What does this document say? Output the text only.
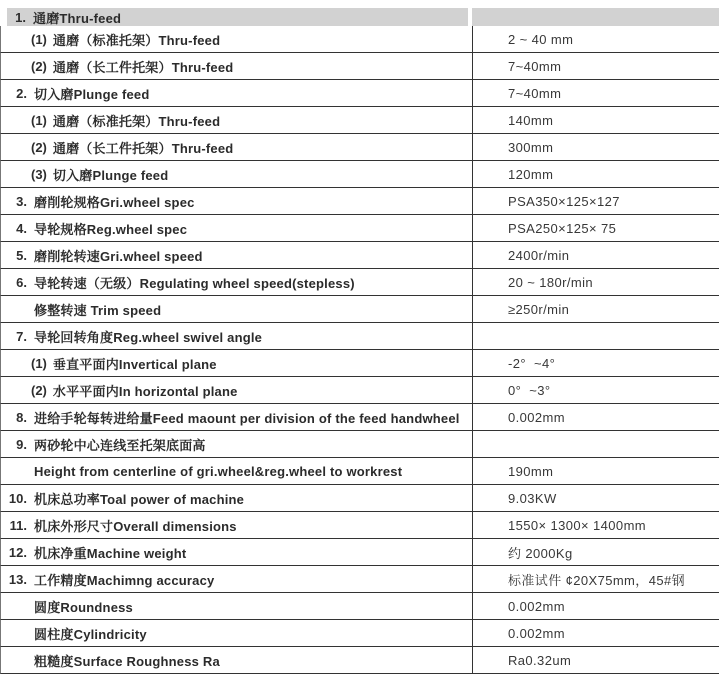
1. 通磨Thru-feed
(1) 通磨（标准托架）Thru-feed	2 ~ 40 mm
(2) 通磨（长工件托架）Thru-feed	7~40mm
2. 切入磨Plunge feed	7~40mm
(1) 通磨（标准托架）Thru-feed	140mm
(2) 通磨（长工件托架）Thru-feed	300mm
(3) 切入磨Plunge feed	120mm
3. 磨削轮规格Gri.wheel spec	PSA350×125×127
4. 导轮规格Reg.wheel spec	PSA250×125× 75
5. 磨削轮转速Gri.wheel speed	2400r/min
6. 导轮转速（无级）Regulating wheel speed(stepless)	20 ~ 180r/min
修整转速 Trim speed	≥250r/min
7. 导轮回转角度Reg.wheel swivel angle
(1) 垂直平面内Invertical plane	-2°  ~4°
(2) 水平平面内In horizontal plane	0°  ~3°
8. 进给手轮每转进给量Feed maount per division of the feed handwheel	0.002mm
9. 两砂轮中心连线至托架底面高
Height from centerline of gri.wheel&reg.wheel to workrest	190mm
10. 机床总功率Toal power of machine	9.03KW
11. 机床外形尺寸Overall dimensions	1550× 1300× 1400mm
12. 机床净重Machine weight	约 2000Kg
13. 工作精度Machimng accuracy	标准试件 ¢20X75mm，45#钢
圆度Roundness	0.002mm
圆柱度Cylindricity	0.002mm
粗糙度Surface Roughness Ra	Ra0.32um
